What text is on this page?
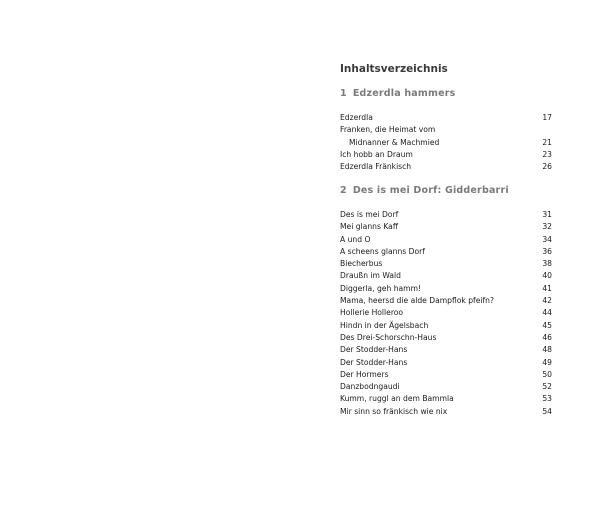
Inhaltsverzeichnis
1 Edzerdla hammers
Edzerdla	17
Franken, die Heimat vom
Midnanner & Machmied	21
Ich hobb an Draum	23
Edzerdla Fränkisch	26
2 Des is mei Dorf: Gidderbarri
Des is mei Dorf	31
Mei glanns Kaff	32
A und O	34
A scheens glanns Dorf	36
Biecherbus	38
Draußn im Wald	40
Diggerla, geh hamm!	41
Mama, heersd die alde Dampflok pfeifn?	42
Hollerie Holleroo	44
Hindn in der Ägelsbach	45
Des Drei-Schorschn-Haus	46
Der Stodder-Hans	48
Der Stodder-Hans	49
Der Hormers	50
Danzbodngaudi	52
Kumm, ruggl an dem Bammla	53
Mir sinn so fränkisch wie nix	54
